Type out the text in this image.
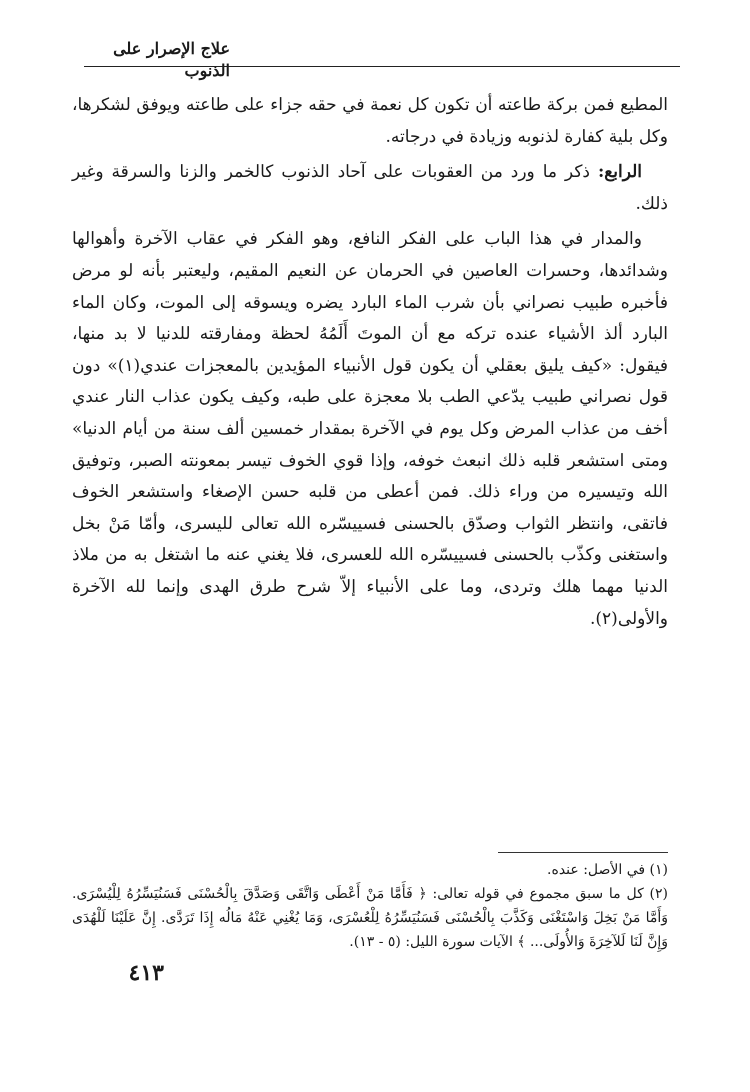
علاج الإصرار على الذنوب

المطيع فمن بركة طاعته أن تكون كل نعمة في حقه جزاء على طاعته ويوفق لشكرها، وكل بلية كفارة لذنوبه وزيادة في درجاته.

الرابع: ذكر ما ورد من العقوبات على آحاد الذنوب كالخمر والزنا والسرقة وغير ذلك.

والمدار في هذا الباب على الفكر النافع، وهو الفكر في عقاب الآخرة وأهوالها وشدائدها، وحسرات العاصين في الحرمان عن النعيم المقيم، وليعتبر بأنه لو مرض فأخبره طبيب نصراني بأن شرب الماء البارد يضره ويسوقه إلى الموت، وكان الماء البارد ألذ الأشياء عنده تركه مع أن الموتَ أَلَمُهُ لحظة ومفارقته للدنيا لا بد منها، فيقول: «كيف يليق بعقلي أن يكون قول الأنبياء المؤيدين بالمعجزات عندي(١)» دون قول نصراني طبيب يدّعي الطب بلا معجزة على طبه، وكيف يكون عذاب النار عندي أخف من عذاب المرض وكل يوم في الآخرة بمقدار خمسين ألف سنة من أيام الدنيا» ومتى استشعر قلبه ذلك انبعث خوفه، وإذا قوي الخوف تيسر بمعونته الصبر، وتوفيق الله وتيسيره من وراء ذلك. فمن أعطى من قلبه حسن الإصغاء واستشعر الخوف فاتقى، وانتظر الثواب وصدّق بالحسنى فسييسّره الله تعالى لليسرى، وأمّا مَنْ بخل واستغنى وكذّب بالحسنى فسييسّره الله للعسرى، فلا يغني عنه ما اشتغل به من ملاذ الدنيا مهما هلك وتردى، وما على الأنبياء إلاّ شرح طرق الهدى وإنما لله الآخرة والأولى(٢).

(١) في الأصل: عنده.

(٢) كل ما سبق مجموع في قوله تعالى: ﴿ فَأَمَّا مَنْ أَعْطَى وَاتَّقَى وَصَدَّقَ بِالْحُسْنَى فَسَنُيَسِّرُهُ لِلْيُسْرَى. وَأَمَّا مَنْ بَخِلَ وَاسْتَغْنَى وَكَذَّبَ بِالْحُسْنَى فَسَنُيَسِّرُهُ لِلْعُسْرَى، وَمَا يُغْنِي عَنْهُ مَالُه إِذَا تَرَدَّى. إِنَّ عَلَيْنَا لَلْهُدَى وَإِنَّ لَنَا لَلآخِرَةَ وَالأُولَى... ﴾ الآيات سورة الليل: (٥ - ١٣).

٤١٣
